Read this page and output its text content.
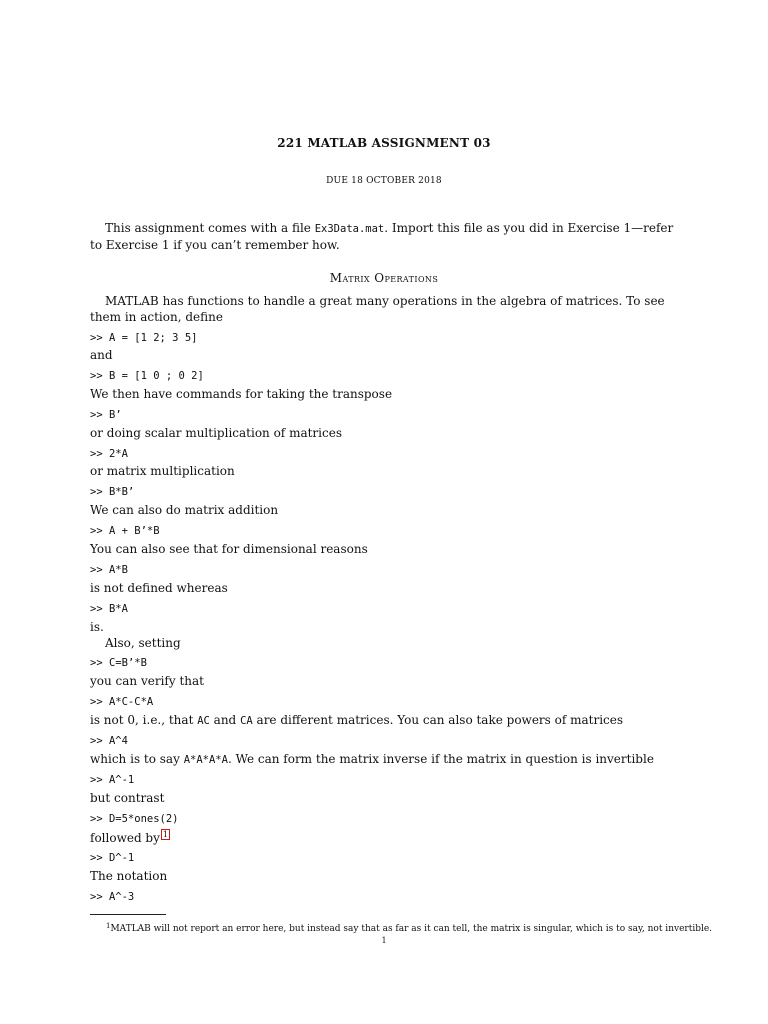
221 MATLAB ASSIGNMENT 03
DUE 18 OCTOBER 2018
This assignment comes with a file Ex3Data.mat. Import this file as you did in Exercise 1—refer to Exercise 1 if you can’t remember how.
Matrix Operations
MATLAB has functions to handle a great many operations in the algebra of matrices. To see them in action, define
>> A = [1 2; 3 5]
and
>> B = [1 0 ; 0 2]
We then have commands for taking the transpose
>> B’
or doing scalar multiplication of matrices
>> 2*A
or matrix multiplication
>> B*B’
We can also do matrix addition
>> A + B’*B
You can also see that for dimensional reasons
>> A*B
is not defined whereas
>> B*A
is.
Also, setting
>> C=B’*B
you can verify that
>> A*C-C*A
is not 0, i.e., that AC and CA are different matrices. You can also take powers of matrices
>> A^4
which is to say A*A*A*A. We can form the matrix inverse if the matrix in question is invertible
>> A^-1
but contrast
>> D=5*ones(2)
followed by 1
>> D^-1
The notation
>> A^-3
$^1$MATLAB will not report an error here, but instead say that as far as it can tell, the matrix is singular, which is to say, not invertible.
1
